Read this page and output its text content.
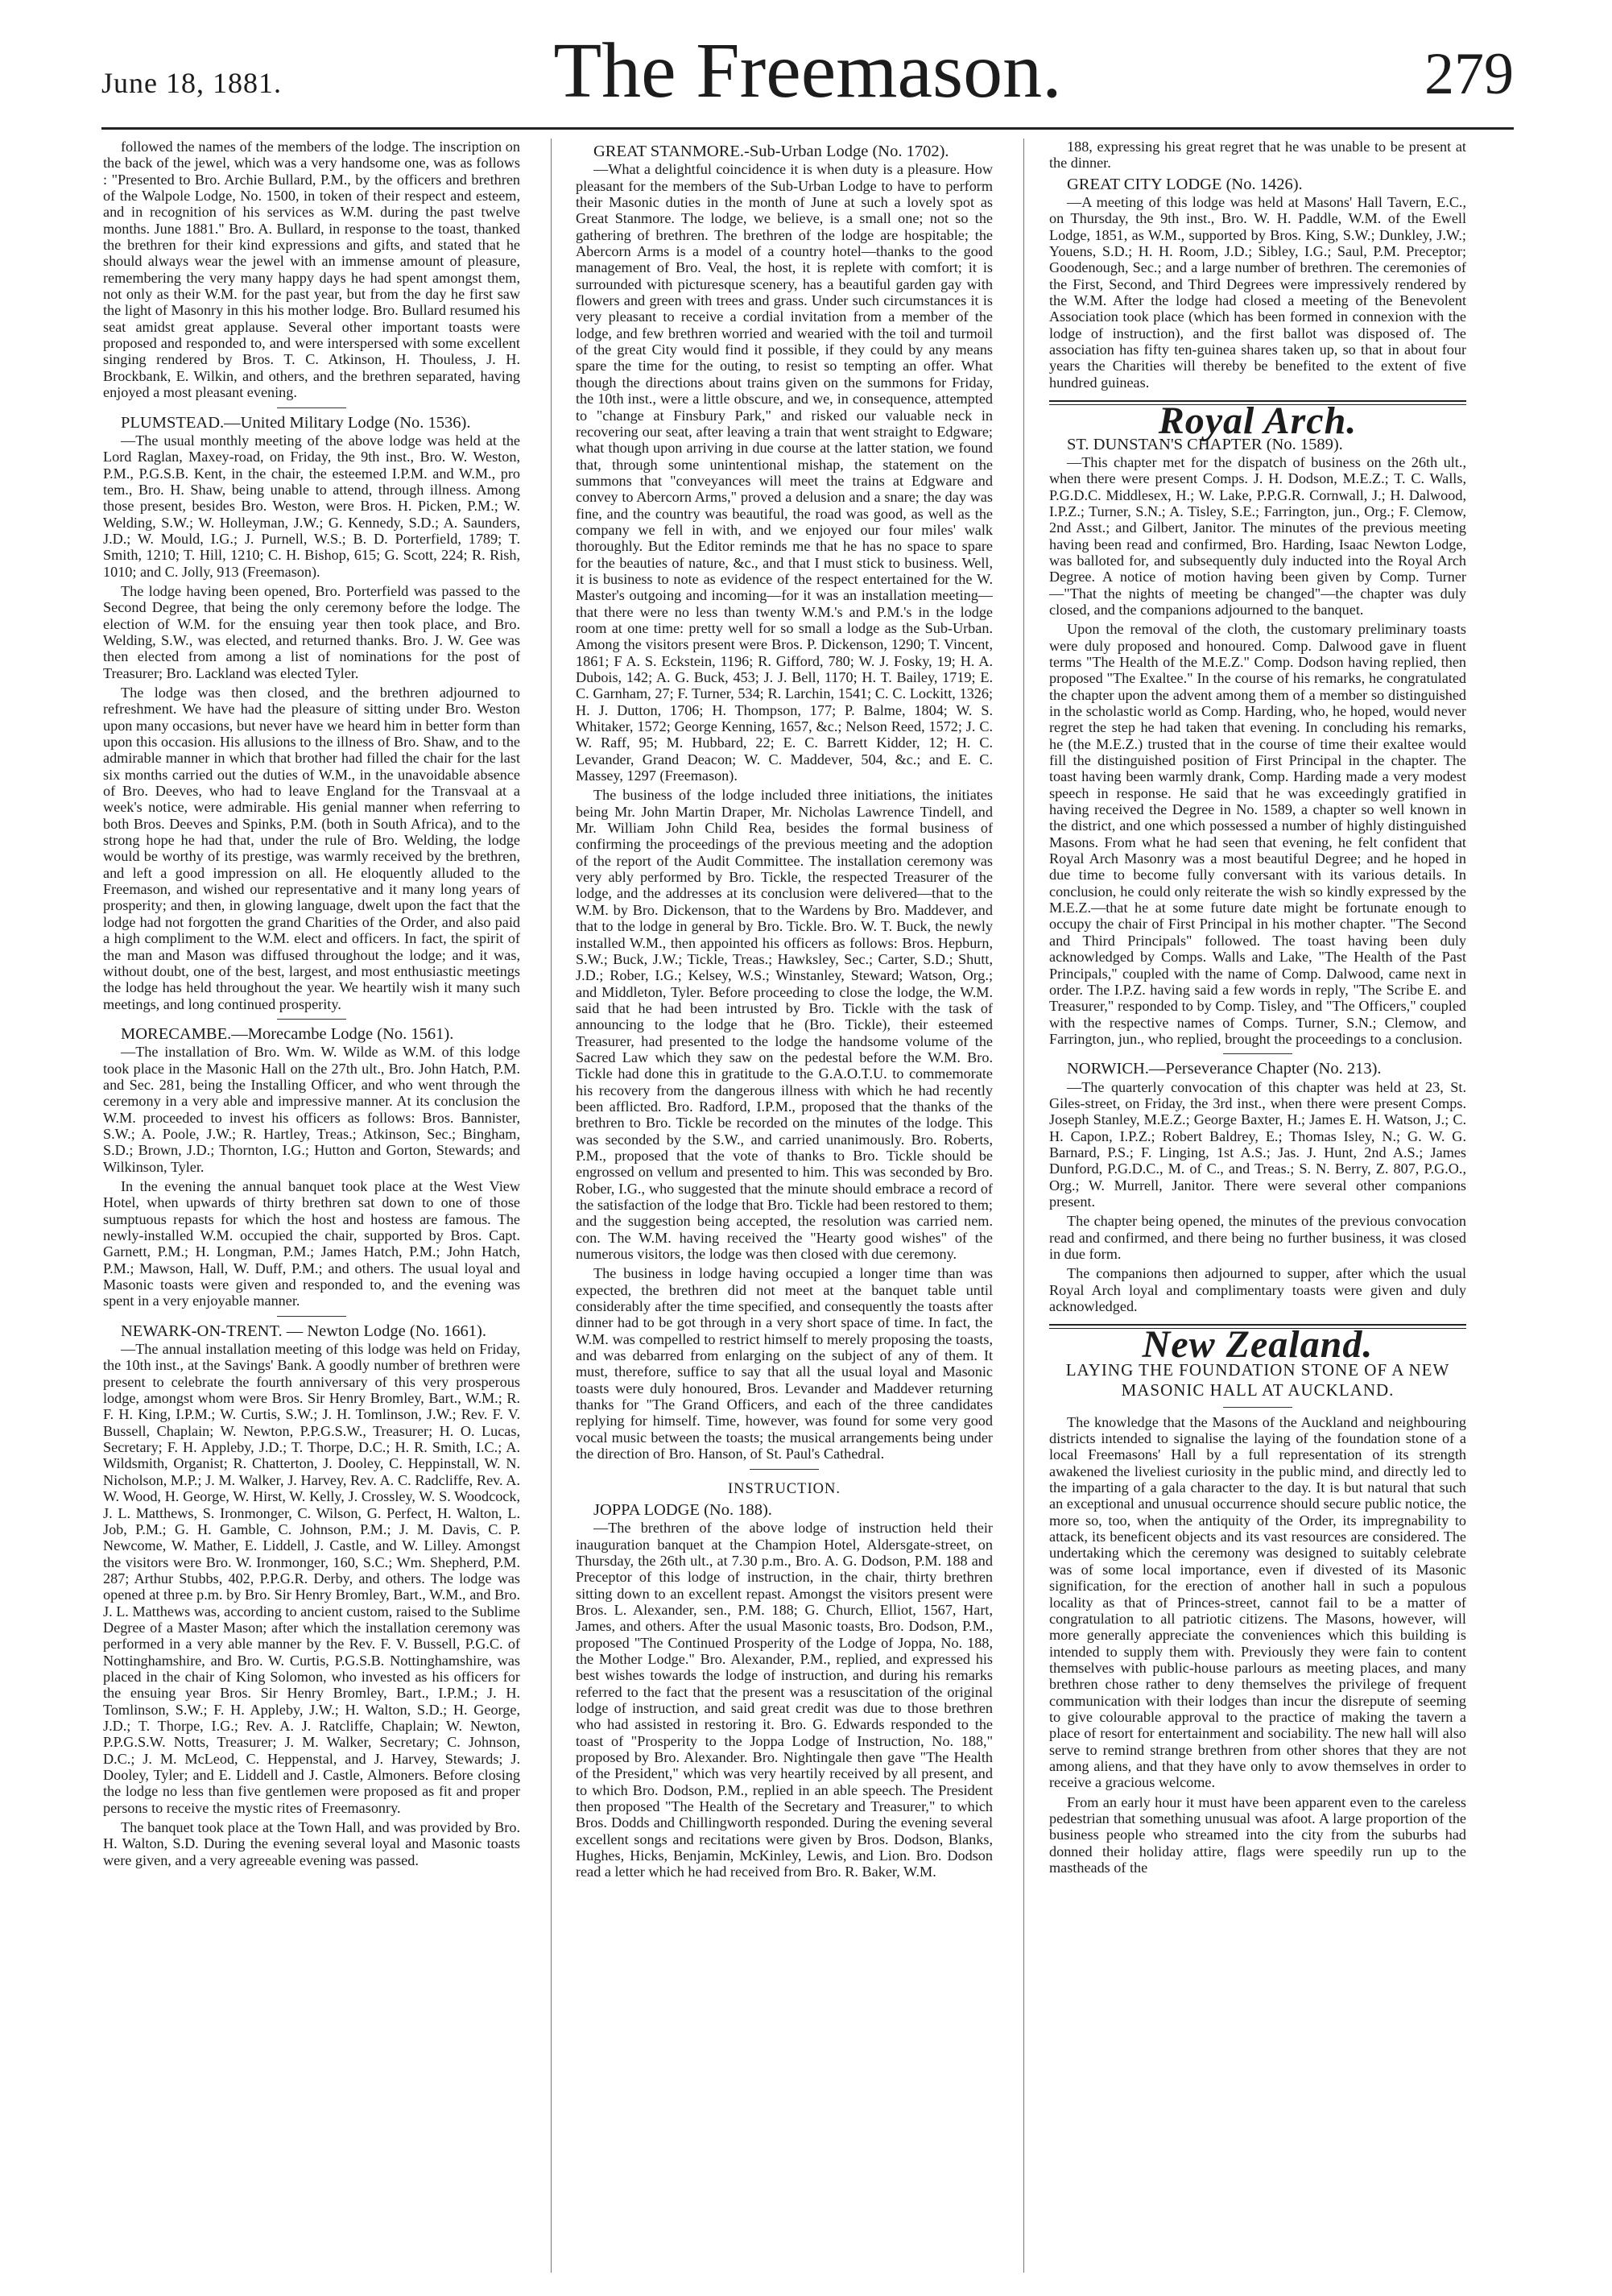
June 18, 1881.	The Freemason.	279

followed the names of the members of the lodge. The inscription on the back of the jewel, which was a very handsome one, was as follows : "Presented to Bro. Archie Bullard, P.M., by the officers and brethren of the Walpole Lodge, No. 1500, in token of their respect and esteem, and in recognition of his services as W.M. during the past twelve months. June 1881." Bro. A. Bullard, in response to the toast, thanked the brethren for their kind expressions and gifts, and stated that he should always wear the jewel with an immense amount of pleasure, remembering the very many happy days he had spent amongst them, not only as their W.M. for the past year, but from the day he first saw the light of Masonry in this his mother lodge. Bro. Bullard resumed his seat amidst great applause. Several other important toasts were proposed and responded to, and were interspersed with some excellent singing rendered by Bros. T. C. Atkinson, H. Thouless, J. H. Brockbank, E. Wilkin, and others, and the brethren separated, having enjoyed a most pleasant evening.

PLUMSTEAD.—United Military Lodge (No. 1536).

—The usual monthly meeting of the above lodge was held at the Lord Raglan, Maxey-road, on Friday, the 9th inst., Bro. W. Weston, P.M., P.G.S.B. Kent, in the chair, the esteemed I.P.M. and W.M., pro tem., Bro. H. Shaw, being unable to attend, through illness. Among those present, besides Bro. Weston, were Bros. H. Picken, P.M.; W. Welding, S.W.; W. Holleyman, J.W.; G. Kennedy, S.D.; A. Saunders, J.D.; W. Mould, I.G.; J. Purnell, W.S.; B. D. Porterfield, 1789; T. Smith, 1210; T. Hill, 1210; C. H. Bishop, 615; G. Scott, 224; R. Rish, 1010; and C. Jolly, 913 (Freemason).

The lodge having been opened, Bro. Porterfield was passed to the Second Degree, that being the only ceremony before the lodge. The election of W.M. for the ensuing year then took place, and Bro. Welding, S.W., was elected, and returned thanks. Bro. J. W. Gee was then elected from among a list of nominations for the post of Treasurer; Bro. Lackland was elected Tyler.

The lodge was then closed, and the brethren adjourned to refreshment. We have had the pleasure of sitting under Bro. Weston upon many occasions, but never have we heard him in better form than upon this occasion. His allusions to the illness of Bro. Shaw, and to the admirable manner in which that brother had filled the chair for the last six months carried out the duties of W.M., in the unavoidable absence of Bro. Deeves, who had to leave England for the Transvaal at a week's notice, were admirable. His genial manner when referring to both Bros. Deeves and Spinks, P.M. (both in South Africa), and to the strong hope he had that, under the rule of Bro. Welding, the lodge would be worthy of its prestige, was warmly received by the brethren, and left a good impression on all. He eloquently alluded to the Freemason, and wished our representative and it many long years of prosperity; and then, in glowing language, dwelt upon the fact that the lodge had not forgotten the grand Charities of the Order, and also paid a high compliment to the W.M. elect and officers. In fact, the spirit of the man and Mason was diffused throughout the lodge; and it was, without doubt, one of the best, largest, and most enthusiastic meetings the lodge has held throughout the year. We heartily wish it many such meetings, and long continued prosperity.

MORECAMBE.—Morecambe Lodge (No. 1561).

—The installation of Bro. Wm. W. Wilde as W.M. of this lodge took place in the Masonic Hall on the 27th ult., Bro. John Hatch, P.M. and Sec. 281, being the Installing Officer, and who went through the ceremony in a very able and impressive manner. At its conclusion the W.M. proceeded to invest his officers as follows: Bros. Bannister, S.W.; A. Poole, J.W.; R. Hartley, Treas.; Atkinson, Sec.; Bingham, S.D.; Brown, J.D.; Thornton, I.G.; Hutton and Gorton, Stewards; and Wilkinson, Tyler.

In the evening the annual banquet took place at the West View Hotel, when upwards of thirty brethren sat down to one of those sumptuous repasts for which the host and hostess are famous. The newly-installed W.M. occupied the chair, supported by Bros. Capt. Garnett, P.M.; H. Longman, P.M.; James Hatch, P.M.; John Hatch, P.M.; Mawson, Hall, W. Duff, P.M.; and others. The usual loyal and Masonic toasts were given and responded to, and the evening was spent in a very enjoyable manner.

NEWARK-ON-TRENT. — Newton Lodge (No. 1661).

—The annual installation meeting of this lodge was held on Friday, the 10th inst., at the Savings' Bank. A goodly number of brethren were present to celebrate the fourth anniversary of this very prosperous lodge, amongst whom were Bros. Sir Henry Bromley, Bart., W.M.; R. F. H. King, I.P.M.; W. Curtis, S.W.; J. H. Tomlinson, J.W.; Rev. F. V. Bussell, Chaplain; W. Newton, P.P.G.S.W., Treasurer; H. O. Lucas, Secretary; F. H. Appleby, J.D.; T. Thorpe, D.C.; H. R. Smith, I.C.; A. Wildsmith, Organist; R. Chatterton, J. Dooley, C. Heppinstall, W. N. Nicholson, M.P.; J. M. Walker, J. Harvey, Rev. A. C. Radcliffe, Rev. A. W. Wood, H. George, W. Hirst, W. Kelly, J. Crossley, W. S. Woodcock, J. L. Matthews, S. Ironmonger, C. Wilson, G. Perfect, H. Walton, L. Job, P.M.; G. H. Gamble, C. Johnson, P.M.; J. M. Davis, C. P. Newcome, W. Mather, E. Liddell, J. Castle, and W. Lilley. Amongst the visitors were Bro. W. Ironmonger, 160, S.C.; Wm. Shepherd, P.M. 287; Arthur Stubbs, 402, P.P.G.R. Derby, and others. The lodge was opened at three p.m. by Bro. Sir Henry Bromley, Bart., W.M., and Bro. J. L. Matthews was, according to ancient custom, raised to the Sublime Degree of a Master Mason; after which the installation ceremony was performed in a very able manner by the Rev. F. V. Bussell, P.G.C. of Nottinghamshire, and Bro. W. Curtis, P.G.S.B. Nottinghamshire, was placed in the chair of King Solomon, who invested as his officers for the ensuing year Bros. Sir Henry Bromley, Bart., I.P.M.; J. H. Tomlinson, S.W.; F. H. Appleby, J.W.; H. Walton, S.D.; H. George, J.D.; T. Thorpe, I.G.; Rev. A. J. Ratcliffe, Chaplain; W. Newton, P.P.G.S.W. Notts, Treasurer; J. M. Walker, Secretary; C. Johnson, D.C.; J. M. McLeod, C. Heppenstal, and J. Harvey, Stewards; J. Dooley, Tyler; and E. Liddell and J. Castle, Almoners. Before closing the lodge no less than five gentlemen were proposed as fit and proper persons to receive the mystic rites of Freemasonry.

The banquet took place at the Town Hall, and was provided by Bro. H. Walton, S.D. During the evening several loyal and Masonic toasts were given, and a very agreeable evening was passed.

GREAT STANMORE.-Sub-Urban Lodge (No. 1702).

—What a delightful coincidence it is when duty is a pleasure. How pleasant for the members of the Sub-Urban Lodge to have to perform their Masonic duties in the month of June at such a lovely spot as Great Stanmore. The lodge, we believe, is a small one; not so the gathering of brethren. The brethren of the lodge are hospitable; the Abercorn Arms is a model of a country hotel—thanks to the good management of Bro. Veal, the host, it is replete with comfort; it is surrounded with picturesque scenery, has a beautiful garden gay with flowers and green with trees and grass. Under such circumstances it is very pleasant to receive a cordial invitation from a member of the lodge, and few brethren worried and wearied with the toil and turmoil of the great City would find it possible, if they could by any means spare the time for the outing, to resist so tempting an offer. What though the directions about trains given on the summons for Friday, the 10th inst., were a little obscure, and we, in consequence, attempted to "change at Finsbury Park," and risked our valuable neck in recovering our seat, after leaving a train that went straight to Edgware; what though upon arriving in due course at the latter station, we found that, through some unintentional mishap, the statement on the summons that "conveyances will meet the trains at Edgware and convey to Abercorn Arms," proved a delusion and a snare; the day was fine, and the country was beautiful, the road was good, as well as the company we fell in with, and we enjoyed our four miles' walk thoroughly. But the Editor reminds me that he has no space to spare for the beauties of nature, &c., and that I must stick to business. Well, it is business to note as evidence of the respect entertained for the W. Master's outgoing and incoming—for it was an installation meeting—that there were no less than twenty W.M.'s and P.M.'s in the lodge room at one time: pretty well for so small a lodge as the Sub-Urban. Among the visitors present were Bros. P. Dickenson, 1290; T. Vincent, 1861; F A. S. Eckstein, 1196; R. Gifford, 780; W. J. Fosky, 19; H. A. Dubois, 142; A. G. Buck, 453; J. J. Bell, 1170; H. T. Bailey, 1719; E. C. Garnham, 27; F. Turner, 534; R. Larchin, 1541; C. C. Lockitt, 1326; H. J. Dutton, 1706; H. Thompson, 177; P. Balme, 1804; W. S. Whitaker, 1572; George Kenning, 1657, &c.; Nelson Reed, 1572; J. C. W. Raff, 95; M. Hubbard, 22; E. C. Barrett Kidder, 12; H. C. Levander, Grand Deacon; W. C. Maddever, 504, &c.; and E. C. Massey, 1297 (Freemason).

The business of the lodge included three initiations, the initiates being Mr. John Martin Draper, Mr. Nicholas Lawrence Tindell, and Mr. William John Child Rea, besides the formal business of confirming the proceedings of the previous meeting and the adoption of the report of the Audit Committee. The installation ceremony was very ably performed by Bro. Tickle, the respected Treasurer of the lodge, and the addresses at its conclusion were delivered—that to the W.M. by Bro. Dickenson, that to the Wardens by Bro. Maddever, and that to the lodge in general by Bro. Tickle. Bro. W. T. Buck, the newly installed W.M., then appointed his officers as follows: Bros. Hepburn, S.W.; Buck, J.W.; Tickle, Treas.; Hawksley, Sec.; Carter, S.D.; Shutt, J.D.; Rober, I.G.; Kelsey, W.S.; Winstanley, Steward; Watson, Org.; and Middleton, Tyler. Before proceeding to close the lodge, the W.M. said that he had been intrusted by Bro. Tickle with the task of announcing to the lodge that he (Bro. Tickle), their esteemed Treasurer, had presented to the lodge the handsome volume of the Sacred Law which they saw on the pedestal before the W.M. Bro. Tickle had done this in gratitude to the G.A.O.T.U. to commemorate his recovery from the dangerous illness with which he had recently been afflicted. Bro. Radford, I.P.M., proposed that the thanks of the brethren to Bro. Tickle be recorded on the minutes of the lodge. This was seconded by the S.W., and carried unanimously. Bro. Roberts, P.M., proposed that the vote of thanks to Bro. Tickle should be engrossed on vellum and presented to him. This was seconded by Bro. Rober, I.G., who suggested that the minute should embrace a record of the satisfaction of the lodge that Bro. Tickle had been restored to them; and the suggestion being accepted, the resolution was carried nem. con. The W.M. having received the "Hearty good wishes" of the numerous visitors, the lodge was then closed with due ceremony.

The business in lodge having occupied a longer time than was expected, the brethren did not meet at the banquet table until considerably after the time specified, and consequently the toasts after dinner had to be got through in a very short space of time. In fact, the W.M. was compelled to restrict himself to merely proposing the toasts, and was debarred from enlarging on the subject of any of them. It must, therefore, suffice to say that all the usual loyal and Masonic toasts were duly honoured, Bros. Levander and Maddever returning thanks for "The Grand Officers, and each of the three candidates replying for himself. Time, however, was found for some very good vocal music between the toasts; the musical arrangements being under the direction of Bro. Hanson, of St. Paul's Cathedral.

INSTRUCTION.
JOPPA LODGE (No. 188).

—The brethren of the above lodge of instruction held their inauguration banquet at the Champion Hotel, Aldersgate-street, on Thursday, the 26th ult., at 7.30 p.m., Bro. A. G. Dodson, P.M. 188 and Preceptor of this lodge of instruction, in the chair, thirty brethren sitting down to an excellent repast. Amongst the visitors present were Bros. L. Alexander, sen., P.M. 188; G. Church, Elliot, 1567, Hart, James, and others. After the usual Masonic toasts, Bro. Dodson, P.M., proposed "The Continued Prosperity of the Lodge of Joppa, No. 188, the Mother Lodge." Bro. Alexander, P.M., replied, and expressed his best wishes towards the lodge of instruction, and during his remarks referred to the fact that the present was a resuscitation of the original lodge of instruction, and said great credit was due to those brethren who had assisted in restoring it. Bro. G. Edwards responded to the toast of "Prosperity to the Joppa Lodge of Instruction, No. 188," proposed by Bro. Alexander. Bro. Nightingale then gave "The Health of the President," which was very heartily received by all present, and to which Bro. Dodson, P.M., replied in an able speech. The President then proposed "The Health of the Secretary and Treasurer," to which Bros. Dodds and Chillingworth responded. During the evening several excellent songs and recitations were given by Bros. Dodson, Blanks, Hughes, Hicks, Benjamin, McKinley, Lewis, and Lion. Bro. Dodson read a letter which he had received from Bro. R. Baker, W.M.

188, expressing his great regret that he was unable to be present at the dinner.

GREAT CITY LODGE (No. 1426).

—A meeting of this lodge was held at Masons' Hall Tavern, E.C., on Thursday, the 9th inst., Bro. W. H. Paddle, W.M. of the Ewell Lodge, 1851, as W.M., supported by Bros. King, S.W.; Dunkley, J.W.; Youens, S.D.; H. H. Room, J.D.; Sibley, I.G.; Saul, P.M. Preceptor; Goodenough, Sec.; and a large number of brethren. The ceremonies of the First, Second, and Third Degrees were impressively rendered by the W.M. After the lodge had closed a meeting of the Benevolent Association took place (which has been formed in connexion with the lodge of instruction), and the first ballot was disposed of. The association has fifty ten-guinea shares taken up, so that in about four years the Charities will thereby be benefited to the extent of five hundred guineas.

Royal Arch.
ST. DUNSTAN'S CHAPTER (No. 1589).

—This chapter met for the dispatch of business on the 26th ult., when there were present Comps. J. H. Dodson, M.E.Z.; T. C. Walls, P.G.D.C. Middlesex, H.; W. Lake, P.P.G.R. Cornwall, J.; H. Dalwood, I.P.Z.; Turner, S.N.; A. Tisley, S.E.; Farrington, jun., Org.; F. Clemow, 2nd Asst.; and Gilbert, Janitor. The minutes of the previous meeting having been read and confirmed, Bro. Harding, Isaac Newton Lodge, was balloted for, and subsequently duly inducted into the Royal Arch Degree. A notice of motion having been given by Comp. Turner—"That the nights of meeting be changed"—the chapter was duly closed, and the companions adjourned to the banquet.

Upon the removal of the cloth, the customary preliminary toasts were duly proposed and honoured. Comp. Dalwood gave in fluent terms "The Health of the M.E.Z." Comp. Dodson having replied, then proposed "The Exaltee." In the course of his remarks, he congratulated the chapter upon the advent among them of a member so distinguished in the scholastic world as Comp. Harding, who, he hoped, would never regret the step he had taken that evening. In concluding his remarks, he (the M.E.Z.) trusted that in the course of time their exaltee would fill the distinguished position of First Principal in the chapter. The toast having been warmly drank, Comp. Harding made a very modest speech in response. He said that he was exceedingly gratified in having received the Degree in No. 1589, a chapter so well known in the district, and one which possessed a number of highly distinguished Masons. From what he had seen that evening, he felt confident that Royal Arch Masonry was a most beautiful Degree; and he hoped in due time to become fully conversant with its various details. In conclusion, he could only reiterate the wish so kindly expressed by the M.E.Z.—that he at some future date might be fortunate enough to occupy the chair of First Principal in his mother chapter. "The Second and Third Principals" followed. The toast having been duly acknowledged by Comps. Walls and Lake, "The Health of the Past Principals," coupled with the name of Comp. Dalwood, came next in order. The I.P.Z. having said a few words in reply, "The Scribe E. and Treasurer," responded to by Comp. Tisley, and "The Officers," coupled with the respective names of Comps. Turner, S.N.; Clemow, and Farrington, jun., who replied, brought the proceedings to a conclusion.

NORWICH.—Perseverance Chapter (No. 213).

—The quarterly convocation of this chapter was held at 23, St. Giles-street, on Friday, the 3rd inst., when there were present Comps. Joseph Stanley, M.E.Z.; George Baxter, H.; James E. H. Watson, J.; C. H. Capon, I.P.Z.; Robert Baldrey, E.; Thomas Isley, N.; G. W. G. Barnard, P.S.; F. Linging, 1st A.S.; Jas. J. Hunt, 2nd A.S.; James Dunford, P.G.D.C., M. of C., and Treas.; S. N. Berry, Z. 807, P.G.O., Org.; W. Murrell, Janitor. There were several other companions present.

The chapter being opened, the minutes of the previous convocation read and confirmed, and there being no further business, it was closed in due form.

The companions then adjourned to supper, after which the usual Royal Arch loyal and complimentary toasts were given and duly acknowledged.

New Zealand.
LAYING THE FOUNDATION STONE OF A NEW MASONIC HALL AT AUCKLAND.

The knowledge that the Masons of the Auckland and neighbouring districts intended to signalise the laying of the foundation stone of a local Freemasons' Hall by a full representation of its strength awakened the liveliest curiosity in the public mind, and directly led to the imparting of a gala character to the day. It is but natural that such an exceptional and unusual occurrence should secure public notice, the more so, too, when the antiquity of the Order, its impregnability to attack, its beneficent objects and its vast resources are considered. The undertaking which the ceremony was designed to suitably celebrate was of some local importance, even if divested of its Masonic signification, for the erection of another hall in such a populous locality as that of Princes-street, cannot fail to be a matter of congratulation to all patriotic citizens. The Masons, however, will more generally appreciate the conveniences which this building is intended to supply them with. Previously they were fain to content themselves with public-house parlours as meeting places, and many brethren chose rather to deny themselves the privilege of frequent communication with their lodges than incur the disrepute of seeming to give colourable approval to the practice of making the tavern a place of resort for entertainment and sociability. The new hall will also serve to remind strange brethren from other shores that they are not among aliens, and that they have only to avow themselves in order to receive a gracious welcome.

From an early hour it must have been apparent even to the careless pedestrian that something unusual was afoot. A large proportion of the business people who streamed into the city from the suburbs had donned their holiday attire, flags were speedily run up to the mastheads of the
